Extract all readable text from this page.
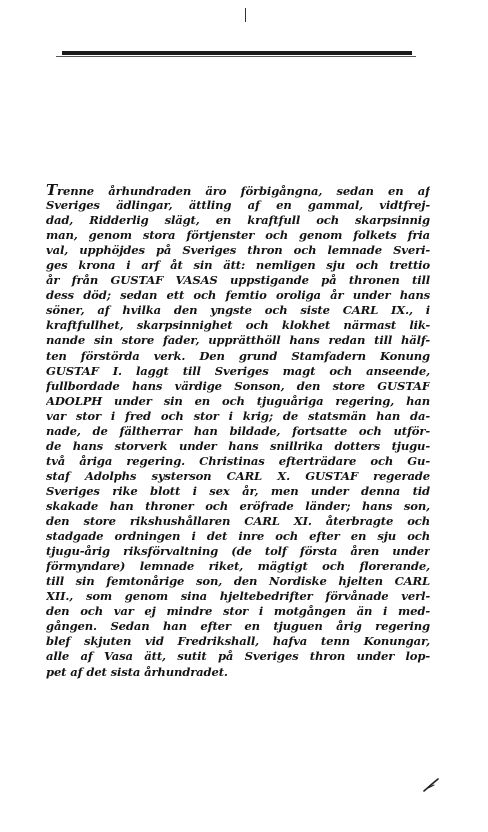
Trenne århundraden äro förbigångna, sedan en af
Sveriges ädlingar, ättling af en gammal, vidtfrej-
dad, Ridderlig slägt, en kraftfull och skarpsinnig
man, genom stora förtjenster och genom folkets fria
val, upphöjdes på Sveriges thron och lemnade Sveri-
ges krona i arf åt sin ätt: nemligen sju och trettio
år från GUSTAF VASAS uppstigande på thronen till
dess död; sedan ett och femtio oroliga år under hans
söner, af hvilka den yngste och siste CARL IX., i
kraftfullhet, skarpsinnighet och klokhet närmast lik-
nande sin store fader, upprätthöll hans redan till hälf-
ten förstörda verk. Den grund Stamfadern Konung
GUSTAF I. laggt till Sveriges magt och anseende,
fullbordade hans värdige Sonson, den store GUSTAF
ADOLPH under sin en och tjuguåriga regering, han
var stor i fred och stor i krig; de statsmän han da-
nade, de fältherrar han bildade, fortsatte och utför-
de hans storverk under hans snillrika dotters tjugu-
två åriga regering. Christinas efterträdare och Gu-
staf Adolphs systerson CARL X. GUSTAF regerade
Sveriges rike blott i sex år, men under denna tid
skakade han throner och eröfrade länder; hans son,
den store rikshushållaren CARL XI. återbragte och
stadgade ordningen i det inre och efter en sju och
tjugu-årig riksförvaltning (de tolf första åren under
förmyndare) lemnade riket, mägtigt och florerande,
till sin femtonårige son, den Nordiske hjelten CARL
XII., som genom sina hjeltebedrifter förvånade verl-
den och var ej mindre stor i motgången än i med-
gången. Sedan han efter en tjuguen årig regering
blef skjuten vid Fredrikshall, hafva tenn Konungar,
alle af Vasa ätt, sutit på Sveriges thron under lop-
pet af det sista århundradet.
